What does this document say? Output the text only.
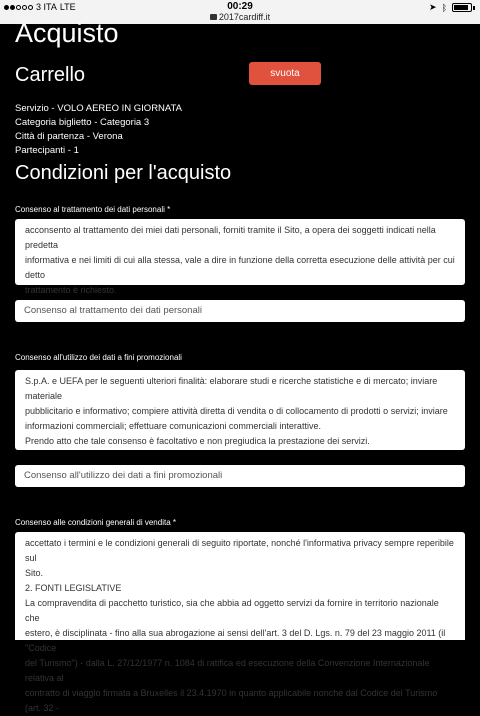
3 ITA LTE	00:29
2017cardiff.it
➤ ᛒ
Acquisto
Carrello	svuota
Servizio - VOLO AEREO IN GIORNATA
Categoria biglietto - Categoria 3
Città di partenza - Verona
Partecipanti - 1
Condizioni per l'acquisto
Consenso al trattamento dei dati personali *

acconsento al trattamento dei miei dati personali, forniti tramite il Sito, a opera dei soggetti indicati nella predetta

informativa e nei limiti di cui alla stessa, vale a dire in funzione della corretta esecuzione delle attività per cui detto

trattamento è richiesto.

Consenso al trattamento dei dati personali
Consenso all'utilizzo dei dati a fini promozionali

S.p.A. e UEFA per le seguenti ulteriori finalità: elaborare studi e ricerche statistiche e di mercato; inviare materiale

pubblicitario e informativo; compiere attività diretta di vendita o di collocamento di prodotti o servizi; inviare

informazioni commerciali; effettuare comunicazioni commerciali interattive.

Prendo atto che tale consenso è facoltativo e non pregiudica la prestazione dei servizi.

Consenso all'utilizzo dei dati a fini promozionali
Consenso alle condizioni generali di vendita *

accettato i termini e le condizioni generali di seguito riportate, nonché l'informativa privacy sempre reperibile sul

Sito.

2. FONTI LEGISLATIVE

La compravendita di pacchetto turistico, sia che abbia ad oggetto servizi da fornire in territorio nazionale che

estero, è disciplinata - fino alla sua abrogazione ai sensi dell'art. 3 del D. Lgs. n. 79 del 23 maggio 2011 (il "Codice

del Turismo") - dalla L. 27/12/1977 n. 1084 di ratifica ed esecuzione della Convenzione Internazionale relativa al

contratto di viaggio firmata a Bruxelles il 23.4.1970 in quanto applicabile nonché dal Codice del Turismo (art. 32 -
